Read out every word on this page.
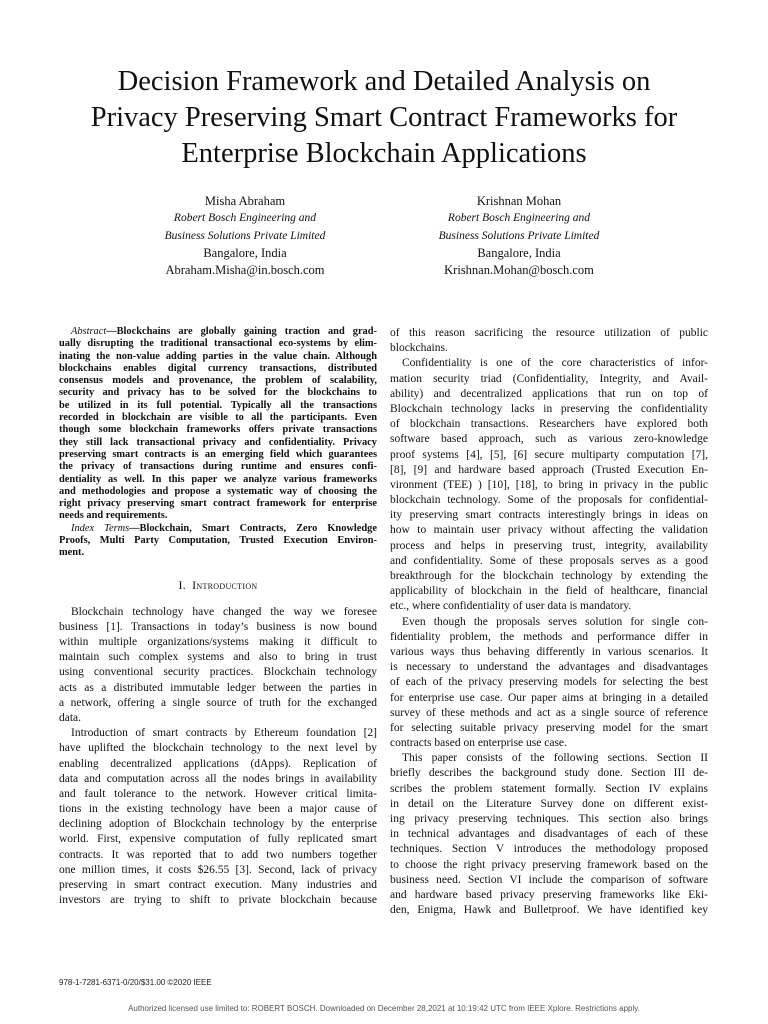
Decision Framework and Detailed Analysis on
Privacy Preserving Smart Contract Frameworks for
Enterprise Blockchain Applications
Misha Abraham
Robert Bosch Engineering and
Business Solutions Private Limited
Bangalore, India
Abraham.Misha@in.bosch.com
Krishnan Mohan
Robert Bosch Engineering and
Business Solutions Private Limited
Bangalore, India
Krishnan.Mohan@bosch.com
Abstract—Blockchains are globally gaining traction and grad-
ually disrupting the traditional transactional eco-systems by elim-
inating the non-value adding parties in the value chain. Although
blockchains enables digital currency transactions, distributed
consensus models and provenance, the problem of scalability,
security and privacy has to be solved for the blockchains to
be utilized in its full potential. Typically all the transactions
recorded in blockchain are visible to all the participants. Even
though some blockchain frameworks offers private transactions
they still lack transactional privacy and confidentiality. Privacy
preserving smart contracts is an emerging field which guarantees
the privacy of transactions during runtime and ensures confi-
dentiality as well. In this paper we analyze various frameworks
and methodologies and propose a systematic way of choosing the
right privacy preserving smart contract framework for enterprise
needs and requirements.
Index Terms—Blockchain, Smart Contracts, Zero Knowledge
Proofs, Multi Party Computation, Trusted Execution Environ-
ment.
I. Introduction
Blockchain technology have changed the way we foresee
business [1]. Transactions in today’s business is now bound
within multiple organizations/systems making it difficult to
maintain such complex systems and also to bring in trust
using conventional security practices. Blockchain technology
acts as a distributed immutable ledger between the parties in
a network, offering a single source of truth for the exchanged
data.
Introduction of smart contracts by Ethereum foundation [2]
have uplifted the blockchain technology to the next level by
enabling decentralized applications (dApps). Replication of
data and computation across all the nodes brings in availability
and fault tolerance to the network. However critical limita-
tions in the existing technology have been a major cause of
declining adoption of Blockchain technology by the enterprise
world. First, expensive computation of fully replicated smart
contracts. It was reported that to add two numbers together
one million times, it costs $26.55 [3]. Second, lack of privacy
preserving in smart contract execution. Many industries and
investors are trying to shift to private blockchain because
of this reason sacrificing the resource utilization of public
blockchains.
Confidentiality is one of the core characteristics of infor-
mation security triad (Confidentiality, Integrity, and Avail-
ability) and decentralized applications that run on top of
Blockchain technology lacks in preserving the confidentiality
of blockchain transactions. Researchers have explored both
software based approach, such as various zero-knowledge
proof systems [4], [5], [6] secure multiparty computation [7],
[8], [9] and hardware based approach (Trusted Execution En-
vironment (TEE) ) [10], [18], to bring in privacy in the public
blockchain technology. Some of the proposals for confidential-
ity preserving smart contracts interestingly brings in ideas on
how to maintain user privacy without affecting the validation
process and helps in preserving trust, integrity, availability
and confidentiality. Some of these proposals serves as a good
breakthrough for the blockchain technology by extending the
applicability of blockchain in the field of healthcare, financial
etc., where confidentiality of user data is mandatory.
Even though the proposals serves solution for single con-
fidentiality problem, the methods and performance differ in
various ways thus behaving differently in various scenarios. It
is necessary to understand the advantages and disadvantages
of each of the privacy preserving models for selecting the best
for enterprise use case. Our paper aims at bringing in a detailed
survey of these methods and act as a single source of reference
for selecting suitable privacy preserving model for the smart
contracts based on enterprise use case.
This paper consists of the following sections. Section II
briefly describes the background study done. Section III de-
scribes the problem statement formally. Section IV explains
in detail on the Literature Survey done on different exist-
ing privacy preserving techniques. This section also brings
in technical advantages and disadvantages of each of these
techniques. Section V introduces the methodology proposed
to choose the right privacy preserving framework based on the
business need. Section VI include the comparison of software
and hardware based privacy preserving frameworks like Eki-
den, Enigma, Hawk and Bulletproof. We have identified key
978-1-7281-6371-0/20/$31.00 ©2020 IEEE
Authorized licensed use limited to: ROBERT BOSCH. Downloaded on December 28,2021 at 10:19:42 UTC from IEEE Xplore. Restrictions apply.
